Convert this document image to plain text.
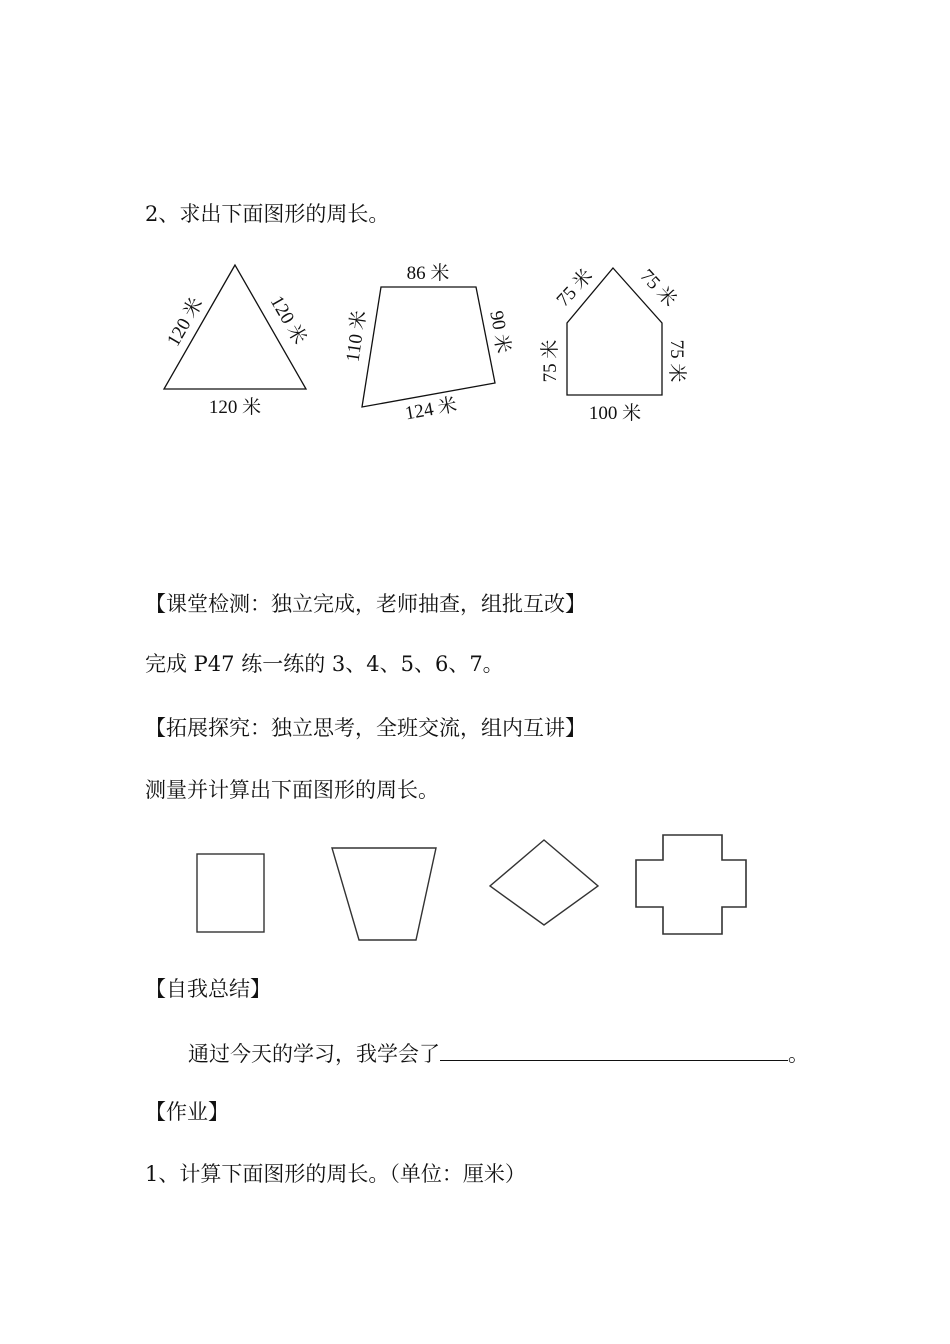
2、求出下面图形的周长。
120 米	120 米
120 米
86 米
110 米	90 米
124 米
75 米 75 米
75 米	75 米
100 米
【课堂检测：独立完成，老师抽查，组批互改】
完成 P47 练一练的 3、4、5、6、7。
【拓展探究：独立思考，全班交流，组内互讲】
测量并计算出下面图形的周长。
【自我总结】
通过今天的学习，我学会了	。
【作业】
1、计算下面图形的周长。（单位：厘米）
